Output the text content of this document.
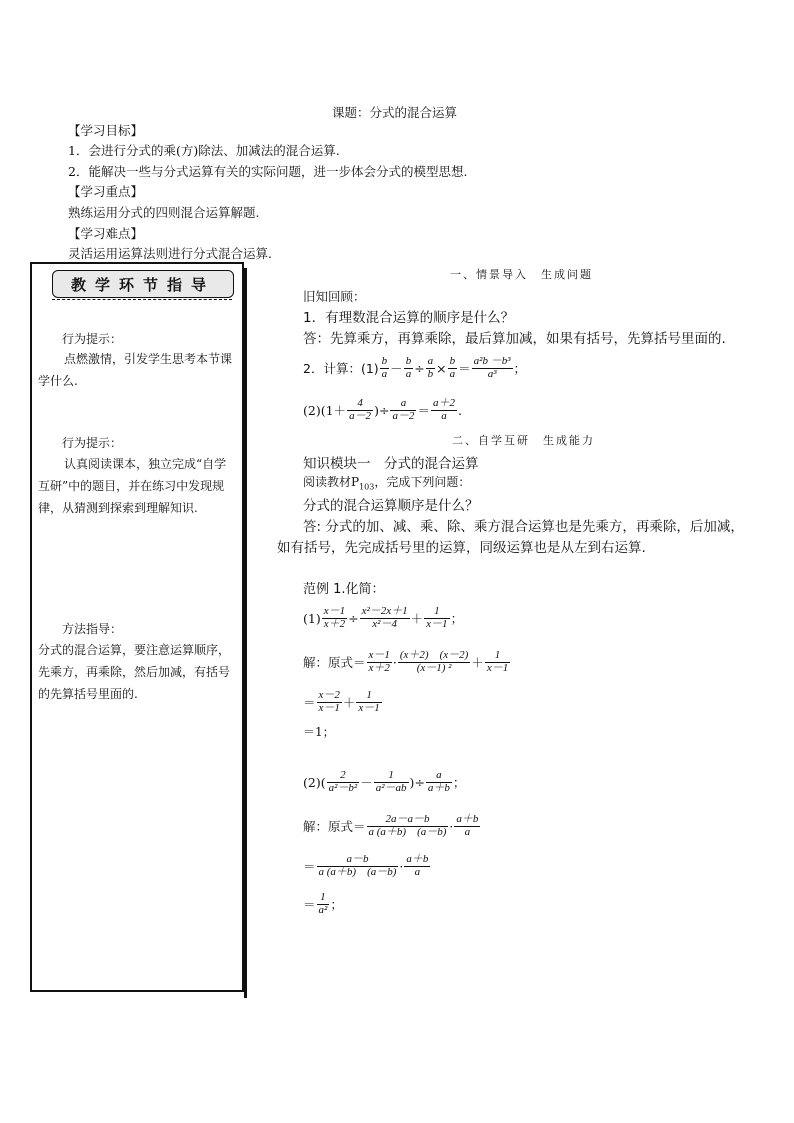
课题：分式的混合运算
【学习目标】
1．会进行分式的乘(方)除法、加减法的混合运算.
2．能解决一些与分式运算有关的实际问题，进一步体会分式的模型思想.
【学习重点】
熟练运用分式的四则混合运算解题.
【学习难点】
灵活运用运算法则进行分式混合运算.
教学环节指导
行为提示：
点燃激情，引发学生思考本节课学什么.
行为提示：
认真阅读课本，独立完成“自学互研”中的题目，并在练习中发现规律，从猜测到探索到理解知识.
方法指导：
分式的混合运算，要注意运算顺序，先乘方，再乘除，然后加减，有括号的先算括号里面的.
一、情景导入　生成问题
旧知回顾：
1．有理数混合运算的顺序是什么？
答：先算乘方，再算乘除，最后算加减，如果有括号，先算括号里面的.
2．计算：(1)
b
$a - \frac{b}{a} \div \frac{a}{b} \times \frac{b}{a}$ ＝
a²b －b³
a³	；
(2) (1＋
4
a－2 ) ÷ $\frac{a}{a-2}$ ＝
a＋2
a .
二、自学互研　生成能力
知识模块一　分式的混合运算
阅读教材$P_{103}$，完成下列问题：
分式的混合运算顺序是什么？
答: 分式的加、减、乘、除、乘方混合运算也是先乘方，再乘除，后加减，
如有括号，先完成括号里的运算，同级运算也是从左到右运算.
范例 1.化简：
$(1) \frac{x-1}{x+2} \div \frac{\text{x²－2x＋1}}{\text{x²－4}}$ ＋
1
x－1 ；
解：原式＝
x－1
x＋2 · (x＋2)　(x－2)
(x－1) ²	＋
1
x－1
＝
x－2
x－1 ＋
1
x－1
＝1；
(2) (	2
a²－b² －
1
a²－ab ) ÷ $\frac{a}{a+b}$ ；
解：原式＝
2a－a－b
a (a＋b)　(a－b) · a＋b
a
＝
a－b
a (a＋b)　(a－b) · a＋b
a
＝
1
a² ；
